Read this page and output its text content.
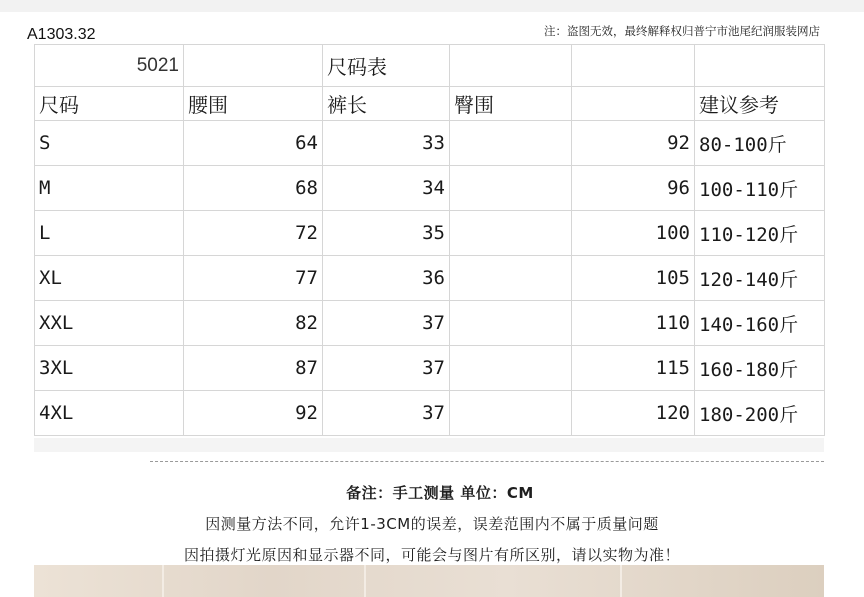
A1303.32	注：盗图无效，最终解释权归普宁市池尾纪润服装网店
5021		尺码表			
尺码	腰围	裤长	臀围		建议参考
S	64	33		92	80-100斤
M	68	34		96	100-110斤
L	72	35		100	110-120斤
XL	77	36		105	120-140斤
XXL	82	37		110	140-160斤
3XL	87	37		115	160-180斤
4XL	92	37		120	180-200斤
备注：手工测量 单位：CM
因测量方法不同，允许1-3CM的误差，误差范围内不属于质量问题
因拍摄灯光原因和显示器不同，可能会与图片有所区别，请以实物为准！
